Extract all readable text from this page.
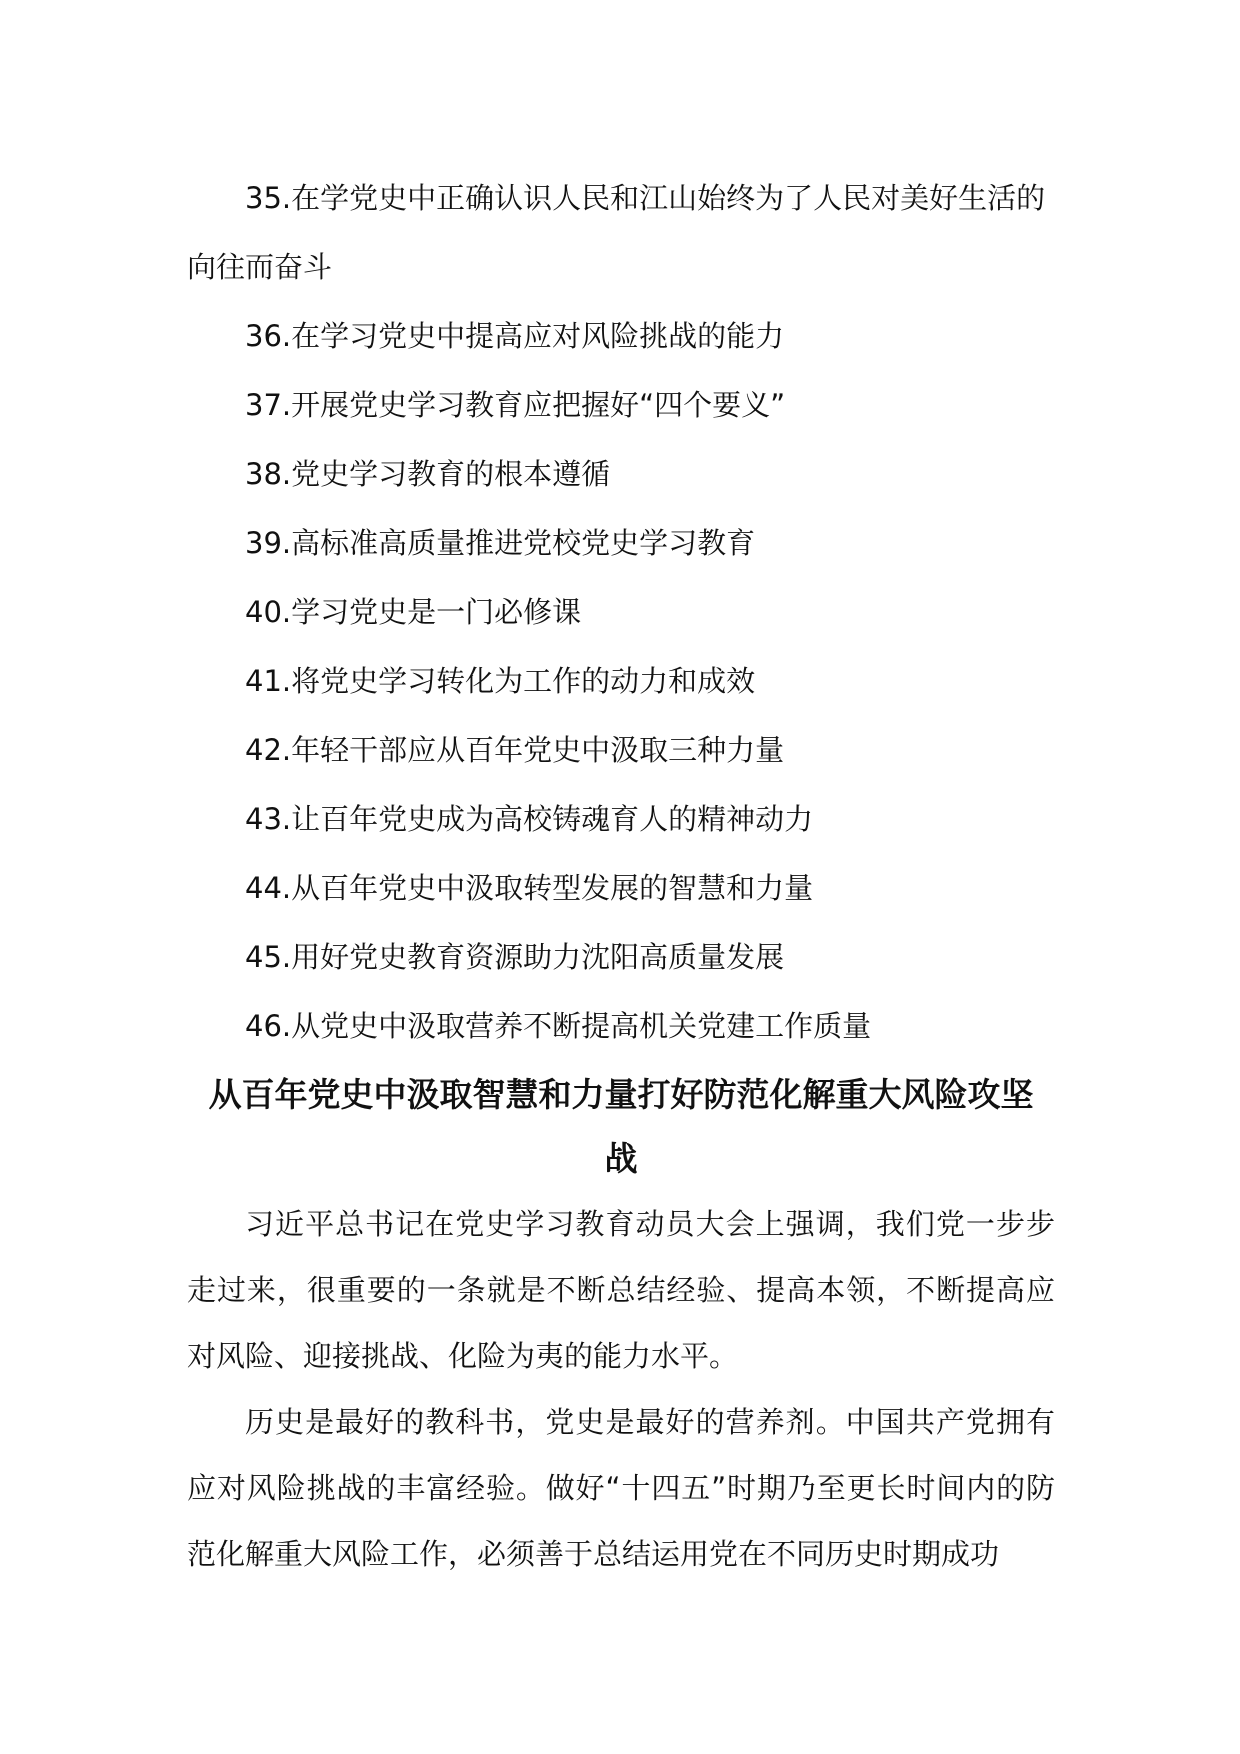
35.在学党史中正确认识人民和江山始终为了人民对美好生活的向往而奋斗

36.在学习党史中提高应对风险挑战的能力

37.开展党史学习教育应把握好“四个要义”

38.党史学习教育的根本遵循

39.高标准高质量推进党校党史学习教育

40.学习党史是一门必修课

41.将党史学习转化为工作的动力和成效

42.年轻干部应从百年党史中汲取三种力量

43.让百年党史成为高校铸魂育人的精神动力

44.从百年党史中汲取转型发展的智慧和力量

45.用好党史教育资源助力沈阳高质量发展

46.从党史中汲取营养不断提高机关党建工作质量

从百年党史中汲取智慧和力量打好防范化解重大风险攻坚战

习近平总书记在党史学习教育动员大会上强调，我们党一步步走过来，很重要的一条就是不断总结经验、提高本领，不断提高应对风险、迎接挑战、化险为夷的能力水平。

历史是最好的教科书，党史是最好的营养剂。中国共产党拥有应对风险挑战的丰富经验。做好“十四五”时期乃至更长时间内的防范化解重大风险工作，必须善于总结运用党在不同历史时期成功
